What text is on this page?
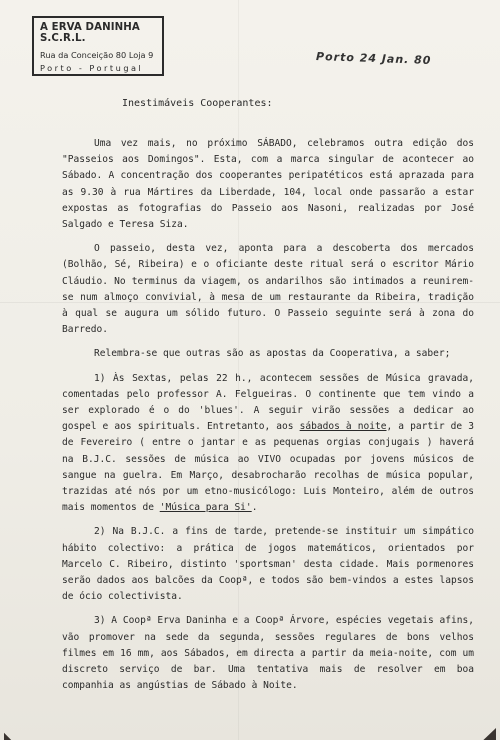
A ERVA DANINHA S.C.R.L.
Rua da Conceição 80 Loja 9
Porto - Portugal
Porto 24 Jan. 80
Inestimáveis Cooperantes:

Uma vez mais, no próximo SÁBADO, celebramos outra edição dos "Passeios aos Domingos". Esta, com a marca singular de acontecer ao Sábado. A concentração dos cooperantes peripatéticos está aprazada para as 9.30 à rua Mártires da Liberdade, 104, local onde passarão a estar expostas as fotografias do Passeio aos Nasoni, realizadas por José Salgado e Teresa Siza.

O passeio, desta vez, aponta para a descoberta dos mercados (Bolhão, Sé, Ribeira) e o oficiante deste ritual será o escritor Mário Cláudio. No terminus da viagem, os andarilhos são intimados a reunirem-se num almoço convivial, à mesa de um restaurante da Ribeira, tradição à qual se augura um sólido futuro. O Passeio seguinte será à zona do Barredo.

Relembra-se que outras são as apostas da Cooperativa, a saber;

1) Às Sextas, pelas 22 h., acontecem sessões de Música gravada, comentadas pelo professor A. Felgueiras. O continente que tem vindo a ser explorado é o do 'blues'. A seguir virão sessões a dedicar ao gospel e aos spirituals. Entretanto, aos sábados à noite, a partir de 3 de Fevereiro ( entre o jantar e as pequenas orgias conjugais ) haverá na B.J.C. sessões de música ao VIVO ocupadas por jovens músicos de sangue na guelra. Em Março, desabrocharão recolhas de música popular, trazidas até nós por um etno-musicólogo: Luis Monteiro, além de outros mais momentos de 'Música para Si'.

2) Na B.J.C. a fins de tarde, pretende-se instituir um simpático hábito colectivo: a prática de jogos matemáticos, orientados por Marcelo C. Ribeiro, distinto 'sportsman' desta cidade. Mais pormenores serão dados aos balcões da Coopª, e todos são bem-vindos a estes lapsos de ócio colectivista.

3) A Coopª Erva Daninha e a Coopª Árvore, espécies vegetais afins, vão promover na sede da segunda, sessões regulares de bons velhos filmes em 16 mm, aos Sábados, em directa a partir da meia-noite, com um discreto serviço de bar. Uma tentativa mais de resolver em boa companhia as angústias de Sábado à Noite.
